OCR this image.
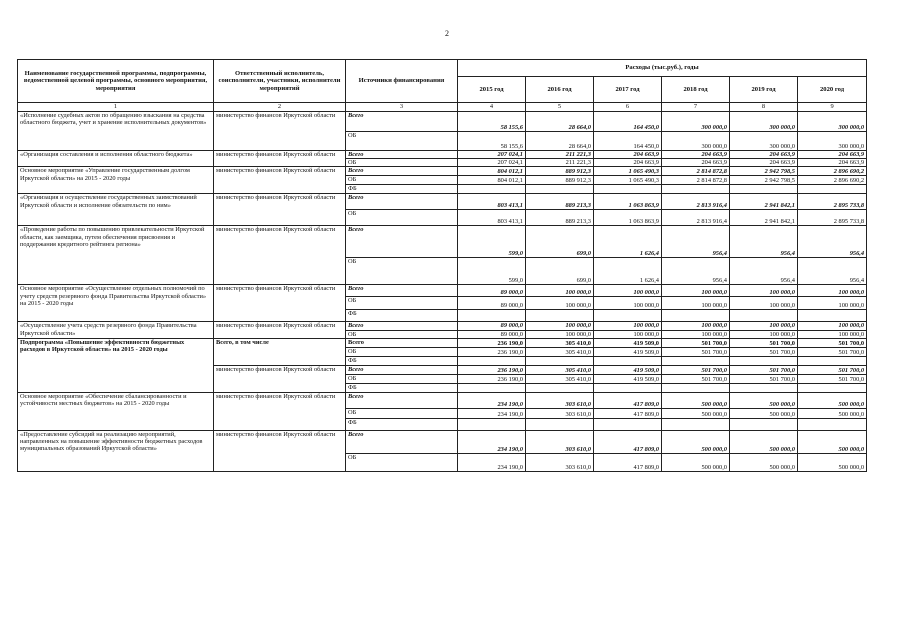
2
Наименование государственной программы, подпрограммы, ведомственной целевой программы, основного мероприятия, мероприятия	Ответственный исполнитель, соисполнители, участники, исполнители мероприятий	Источники финансирования	Расходы (тыс.руб.), годы					
			2015 год	2016 год	2017 год	2018 год	2019 год	2020 год
1	2	3	4	5	6	7	8	9
«Исполнение судебных актов по обращению взыскания на средства областного бюджета, учет и хранение исполнительных документов»	министерство финансов Иркутской области	Всего	58 155,6	28 664,0	164 450,0	300 000,0	300 000,0	300 000,0
		ОБ	58 155,6	28 664,0	164 450,0	300 000,0	300 000,0	300 000,0
«Организация составления и исполнения областного бюджета»	министерство финансов Иркутской области	Всего	207 024,1	211 221,3	204 663,9	204 663,9	204 663,9	204 663,9
		ОБ	207 024,1	211 221,3	204 663,9	204 663,9	204 663,9	204 663,9
Основное мероприятие «Управление государственным долгом Иркутской области» на 2015 - 2020 годы	министерство финансов Иркутской области	Всего	804 012,1	889 912,3	1 065 490,3	2 814 872,8	2 942 798,5	2 896 690,2
		ОБ	804 012,1	889 912,3	1 065 490,3	2 814 872,8	2 942 798,5	2 896 690,2
		ФБ						
«Организация и осуществление государственных заимствований Иркутской области и исполнение обязательств по ним»	министерство финансов Иркутской области	Всего	803 413,1	889 213,3	1 063 863,9	2 813 916,4	2 941 842,1	2 895 733,8
		ОБ	803 413,1	889 213,3	1 063 863,9	2 813 916,4	2 941 842,1	2 895 733,8
«Проведение работы по повышению привлекательности Иркутской области, как заемщика, путем обеспечения присвоения и поддержания кредитного рейтинга региона»	министерство финансов Иркутской области	Всего	599,0	699,0	1 626,4	956,4	956,4	956,4
		ОБ	599,0	699,0	1 626,4	956,4	956,4	956,4
Основное мероприятие «Осуществление отдельных полномочий по учету средств резервного фонда Правительства Иркутской области» на 2015 - 2020 годы	министерство финансов Иркутской области	Всего	89 000,0	100 000,0	100 000,0	100 000,0	100 000,0	100 000,0
		ОБ	89 000,0	100 000,0	100 000,0	100 000,0	100 000,0	100 000,0
		ФБ						
«Осуществление учета средств резервного фонда Правительства Иркутской области»	министерство финансов Иркутской области	Всего	89 000,0	100 000,0	100 000,0	100 000,0	100 000,0	100 000,0
		ОБ	89 000,0	100 000,0	100 000,0	100 000,0	100 000,0	100 000,0
Подпрограмма «Повышение эффективности бюджетных расходов в Иркутской области» на 2015 - 2020 годы	Всего, в том числе	Всего	236 190,0	305 410,0	419 509,0	501 700,0	501 700,0	501 700,0
		ОБ	236 190,0	305 410,0	419 509,0	501 700,0	501 700,0	501 700,0
		ФБ						
	министерство финансов Иркутской области	Всего	236 190,0	305 410,0	419 509,0	501 700,0	501 700,0	501 700,0
		ОБ	236 190,0	305 410,0	419 509,0	501 700,0	501 700,0	501 700,0
		ФБ						
Основное мероприятие «Обеспечение сбалансированности и устойчивости местных бюджетов» на 2015 - 2020 годы	министерство финансов Иркутской области	Всего	234 190,0	303 610,0	417 809,0	500 000,0	500 000,0	500 000,0
		ОБ	234 190,0	303 610,0	417 809,0	500 000,0	500 000,0	500 000,0
		ФБ						
«Предоставление субсидий на реализацию мероприятий, направленных на повышение эффективности бюджетных расходов муниципальных образований Иркутской области»	министерство финансов Иркутской области	Всего	234 190,0	303 610,0	417 809,0	500 000,0	500 000,0	500 000,0
		ОБ	234 190,0	303 610,0	417 809,0	500 000,0	500 000,0	500 000,0
